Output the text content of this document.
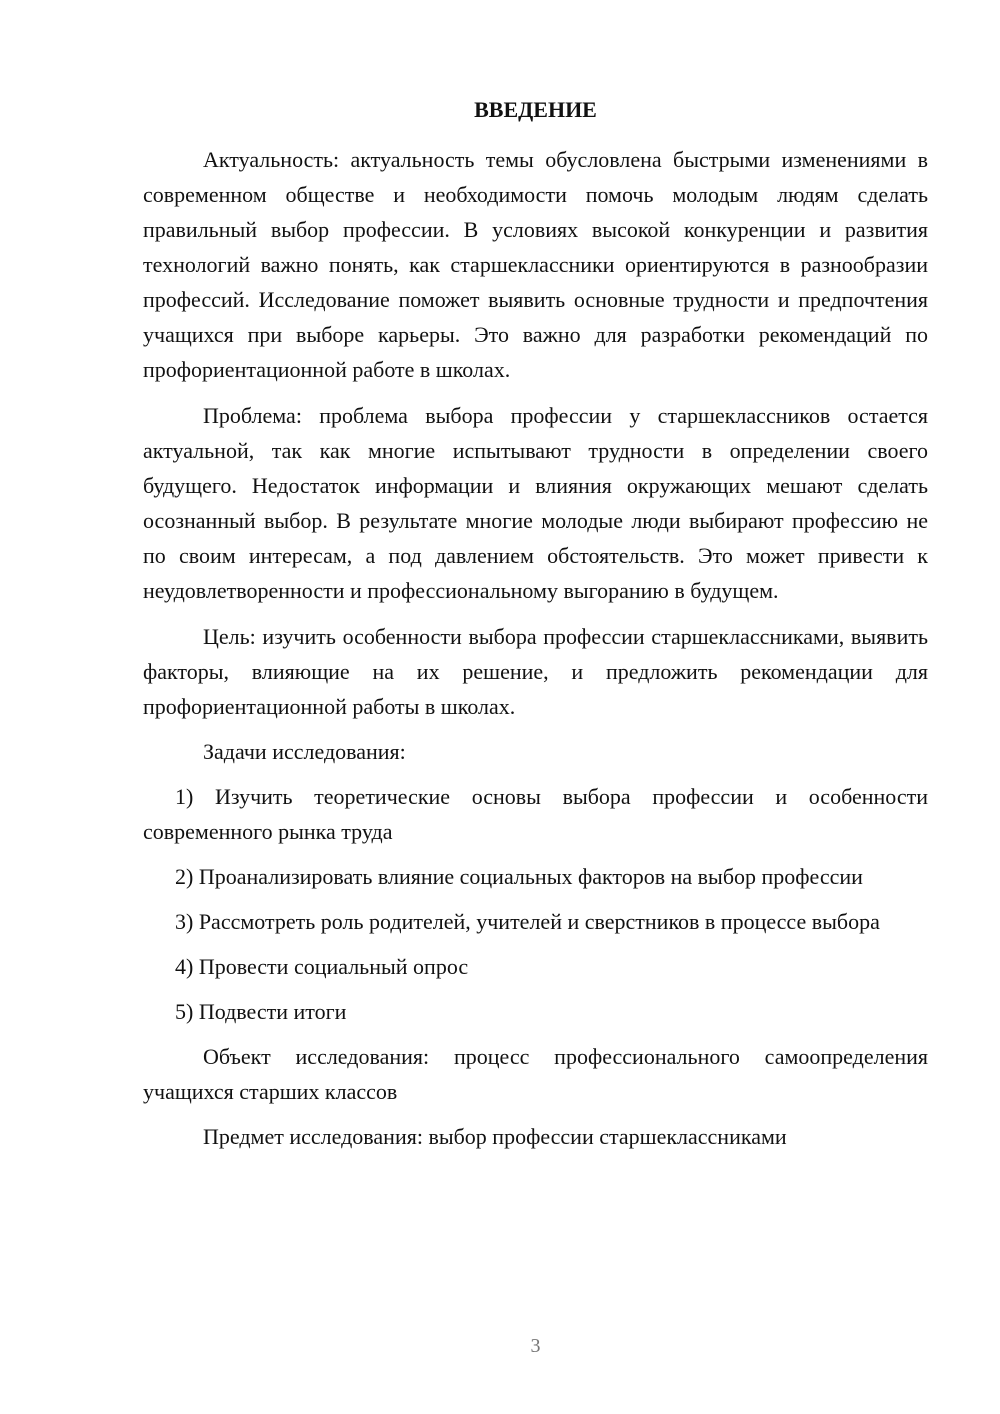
ВВЕДЕНИЕ

Актуальность: актуальность темы обусловлена быстрыми изменениями в современном обществе и необходимости помочь молодым людям сделать правильный выбор профессии. В условиях высокой конкуренции и развития технологий важно понять, как старшеклассники ориентируются в разнообразии профессий. Исследование поможет выявить основные трудности и предпочтения учащихся при выборе карьеры. Это важно для разработки рекомендаций по профориентационной работе в школах.

Проблема: проблема выбора профессии у старшеклассников остается актуальной, так как многие испытывают трудности в определении своего будущего. Недостаток информации и влияния окружающих мешают сделать осознанный выбор. В результате многие молодые люди выбирают профессию не по своим интересам, а под давлением обстоятельств. Это может привести к неудовлетворенности и профессиональному выгоранию в будущем.

Цель: изучить особенности выбора профессии старшеклассниками, выявить факторы, влияющие на их решение, и предложить рекомендации для профориентационной работы в школах.

Задачи исследования:

1) Изучить теоретические основы выбора профессии и особенности современного рынка труда

2) Проанализировать влияние социальных факторов на выбор профессии

3) Рассмотреть роль родителей, учителей и сверстников в процессе выбора

4) Провести социальный опрос

5) Подвести итоги

Объект исследования: процесс профессионального самоопределения учащихся старших классов

Предмет исследования: выбор профессии старшеклассниками

3
